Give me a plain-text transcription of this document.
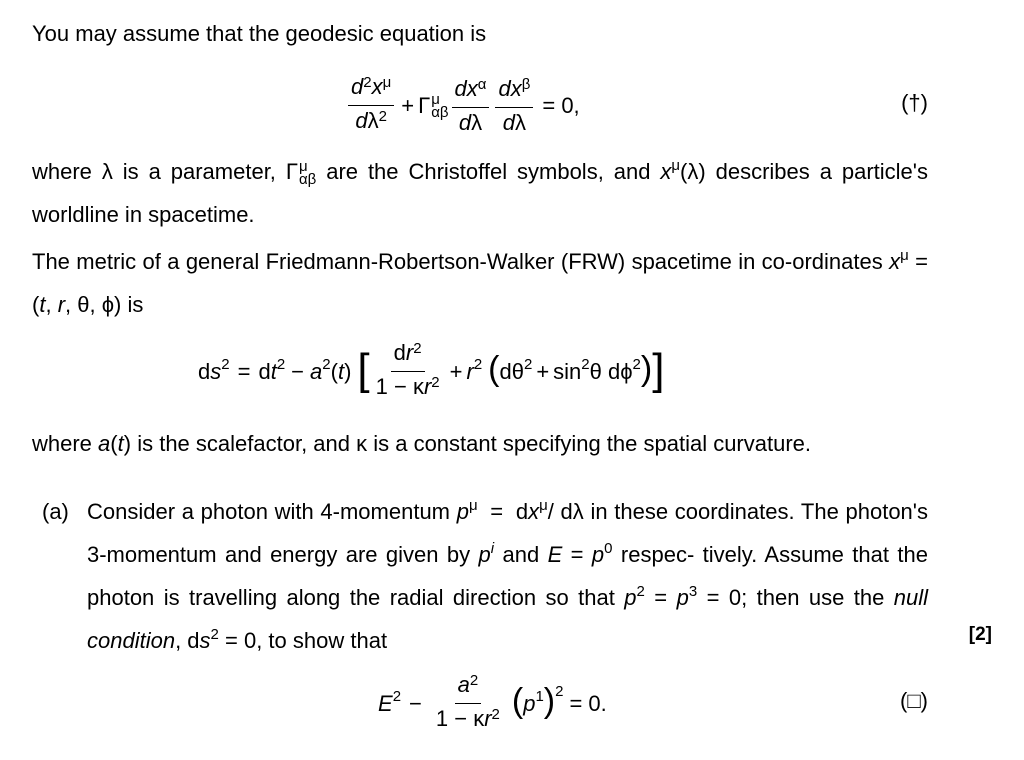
You may assume that the geodesic equation is
$\frac{d^2x^\mu}{d\lambda^2} + \Gamma$ μ
αβ $\frac{dx^\alpha}{d\lambda} \frac{dx^\beta}{d\lambda} = 0$,	(†)
where λ is a parameter, Γ μ
αβ are the Christoffel symbols, and $x^\mu(\lambda)$ describes a particle's worldline in spacetime.
The metric of a general Friedmann-Robertson-Walker (FRW) spacetime in co-ordinates $x^\mu = (t$, r, θ, ϕ) is
d s 2 = d t 2 − a 2 ( t ) [ $\frac{dr^2}{1 - \kappa r^2} + r$ 2 ( dθ 2 + sin 2 θ dϕ 2 ) ]
where a(t) is the scalefactor, and κ is a constant specifying the spatial curvature.
(a) Consider a photon with 4-momentum $p^\mu = dx^\mu/$ dλ in these coordinates. The photon's 3-momentum and energy are given by $p^i$ and $E = p^0$ respec- tively. Assume that the photon is travelling along the radial direction so that $p^2 = p^3 = 0$; then use the null condition, $ds^2 = 0$, to show that	[2]
E $2 - \frac{a^2}{1 - \kappa r^2}$ ( p 1 ) 2 = 0.	(□)
